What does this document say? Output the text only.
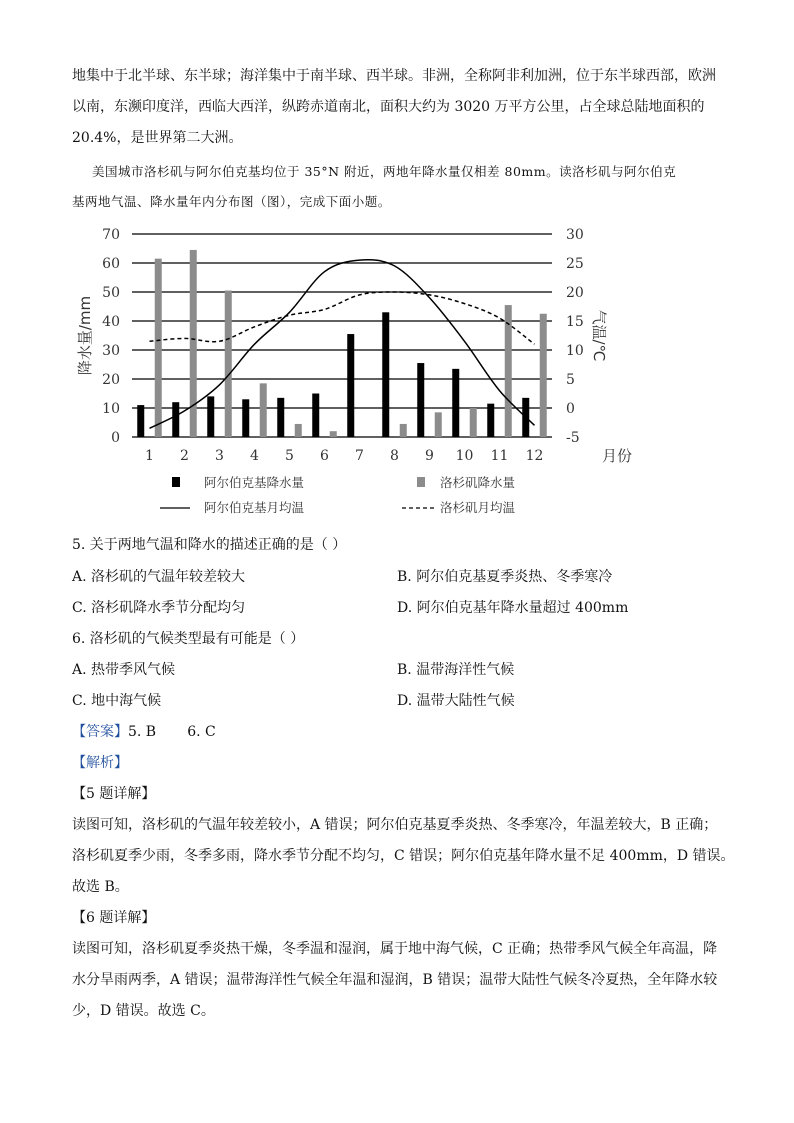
地集中于北半球、东半球；海洋集中于南半球、西半球。非洲，全称阿非利加洲，位于东半球西部，欧洲
以南，东濒印度洋，西临大西洋，纵跨赤道南北，面积大约为 3020 万平方公里，占全球总陆地面积的
20.4%，是世界第二大洲。
美国城市洛杉矶与阿尔伯克基均位于 35°N 附近，两地年降水量仅相差 80mm。读洛杉矶与阿尔伯克
基两地气温、降水量年内分布图（图），完成下面小题。
0
10
20
30
40
50
60
70
-5
0
5
10
15
20
25
30
1 2 3 4 5 6 7 8 9 10 11 12	月份
降水量/mm	气温/℃
阿尔伯克基降水量	洛杉矶降水量
阿尔伯克基月均温	洛杉矶月均温
5. 关于两地气温和降水的描述正确的是（ ）
A. 洛杉矶的气温年较差较大	B. 阿尔伯克基夏季炎热、冬季寒冷
C. 洛杉矶降水季节分配均匀	D. 阿尔伯克基年降水量超过 400mm
6. 洛杉矶的气候类型最有可能是（ ）
A. 热带季风气候	B. 温带海洋性气候
C. 地中海气候	D. 温带大陆性气候
【答案】5. B       6. C
【解析】
【5 题详解】
读图可知，洛杉矶的气温年较差较小，A 错误；阿尔伯克基夏季炎热、冬季寒冷，年温差较大，B 正确；
洛杉矶夏季少雨，冬季多雨，降水季节分配不均匀，C 错误；阿尔伯克基年降水量不足 400mm，D 错误。
故选 B。
【6 题详解】
读图可知，洛杉矶夏季炎热干燥，冬季温和湿润，属于地中海气候，C 正确；热带季风气候全年高温，降
水分旱雨两季，A 错误；温带海洋性气候全年温和湿润，B 错误；温带大陆性气候冬冷夏热，全年降水较
少，D 错误。故选 C。
